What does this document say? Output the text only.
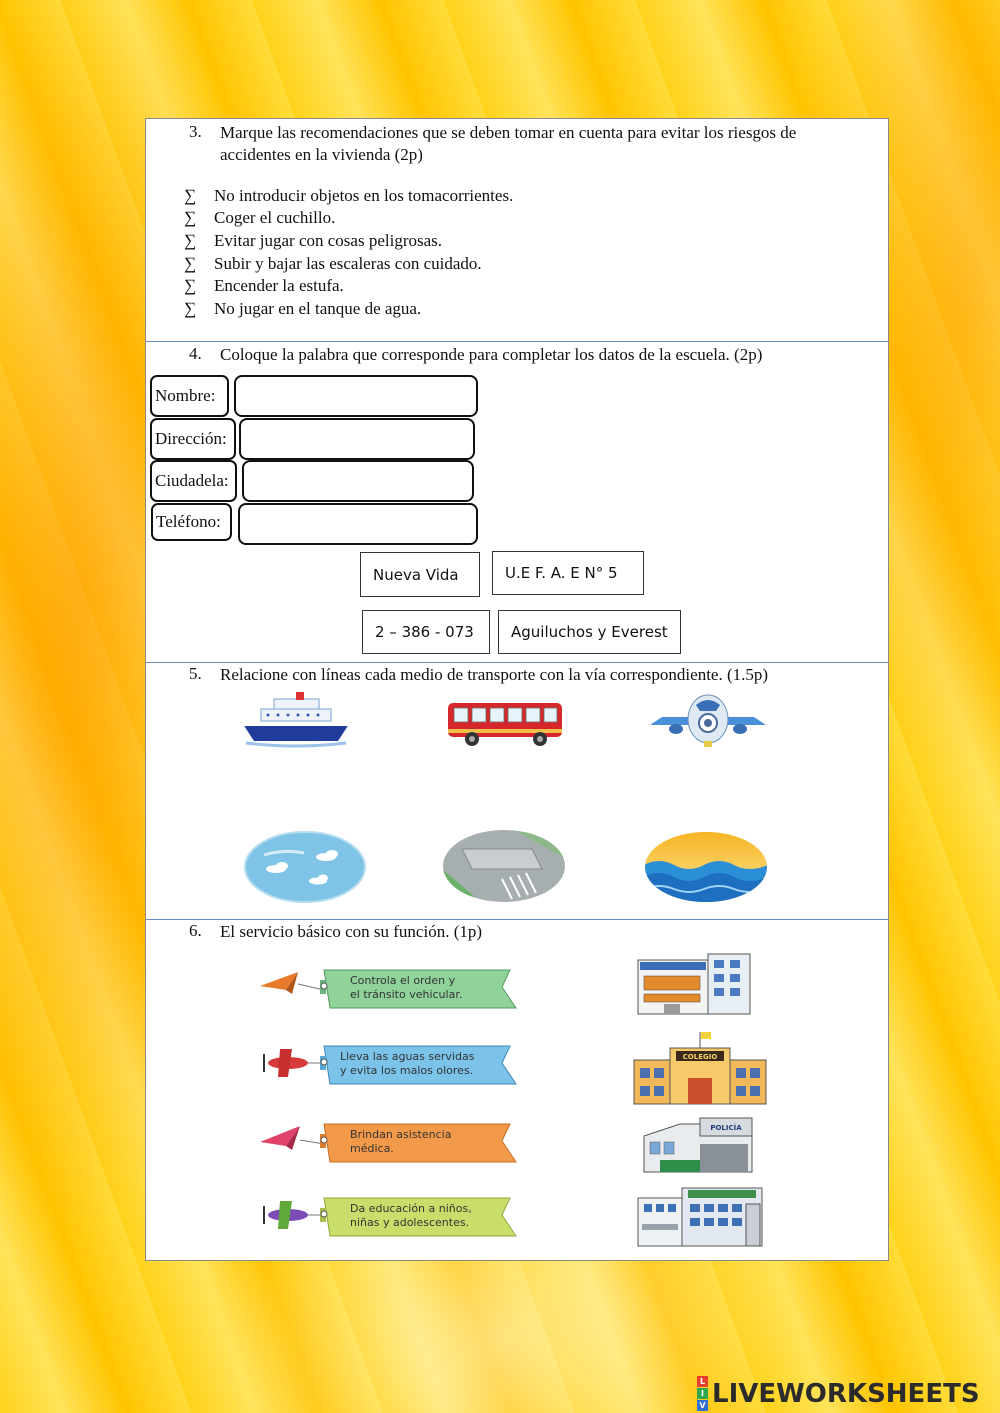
3. Marque las recomendaciones que se deben tomar en cuenta para evitar los riesgos de
accidentes en la vivienda (2p)
∑	No introducir objetos en los tomacorrientes.
∑	Coger el cuchillo.
∑	Evitar jugar con cosas peligrosas.
∑	Subir y bajar las escaleras con cuidado.
∑	Encender la estufa.
∑	No jugar en el tanque de agua.
4. Coloque la palabra que corresponde para completar los datos de la escuela. (2p)
Nombre:
Dirección:
Ciudadela:
Teléfono:
Nueva Vida	U.E F. A. E N° 5
2 – 386 - 073	Aguiluchos y Everest
5. Relacione con líneas cada medio de transporte con la vía correspondiente. (1.5p)
6. El servicio básico con su función. (1p)
Controla el orden y
el tránsito vehicular.
Lleva las aguas servidas
y evita los malos olores.
Brindan asistencia
médica.
Da educación a niños,
niñas y adolescentes.
COLEGIO
POLICÍA
L
I
V LIVEWORKSHEETS
